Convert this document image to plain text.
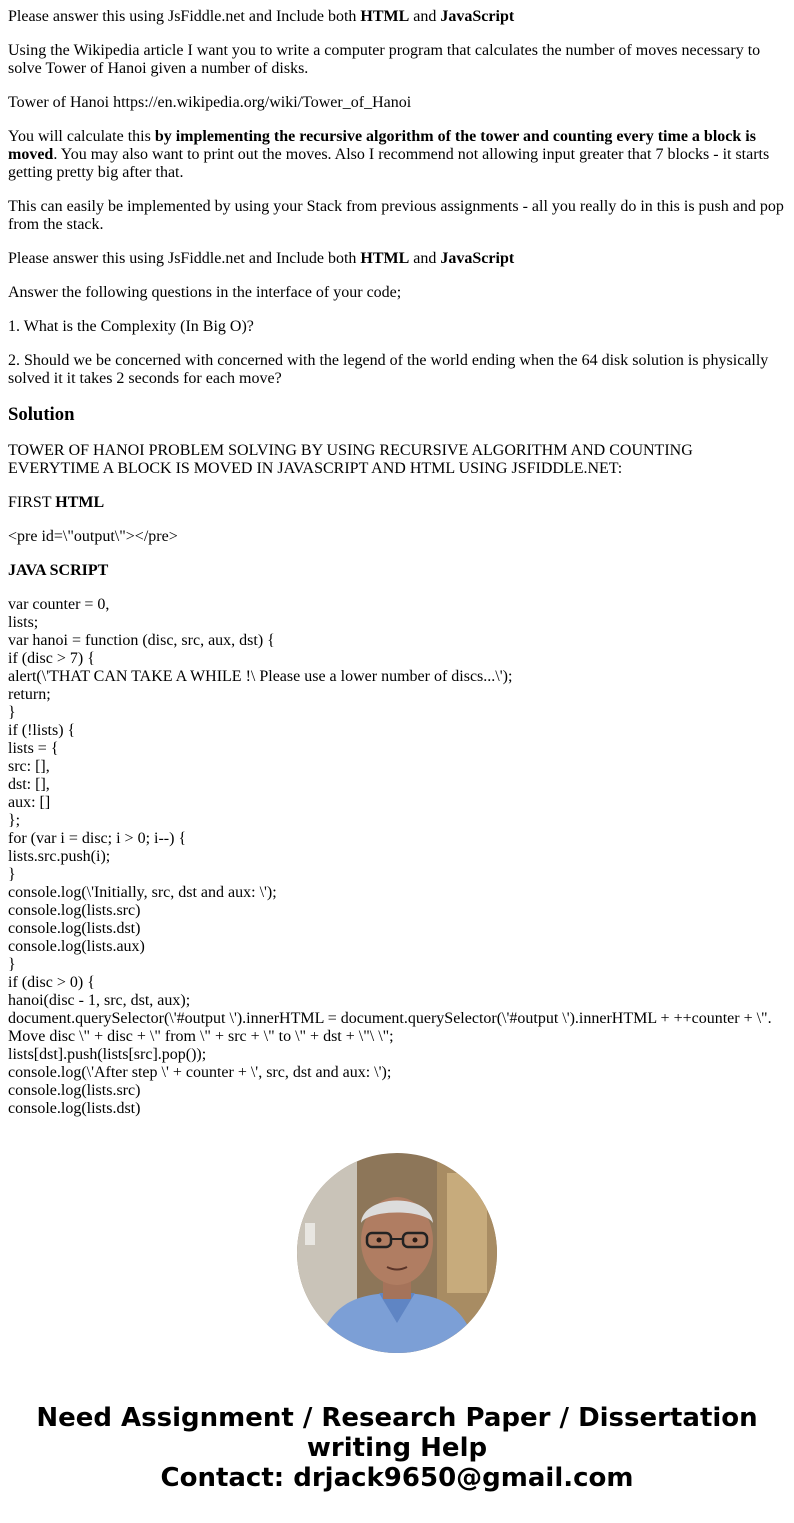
Please answer this using JsFiddle.net and Include both HTML and JavaScript

Using the Wikipedia article I want you to write a computer program that calculates the number of moves necessary to solve Tower of Hanoi given a number of disks.

Tower of Hanoi https://en.wikipedia.org/wiki/Tower_of_Hanoi

You will calculate this by implementing the recursive algorithm of the tower and counting every time a block is moved. You may also want to print out the moves. Also I recommend not allowing input greater that 7 blocks - it starts getting pretty big after that.

This can easily be implemented by using your Stack from previous assignments - all you really do in this is push and pop from the stack.

Please answer this using JsFiddle.net and Include both HTML and JavaScript

Answer the following questions in the interface of your code;

1. What is the Complexity (In Big O)?

2. Should we be concerned with concerned with the legend of the world ending when the 64 disk solution is physically solved it it takes 2 seconds for each move?

Solution

TOWER OF HANOI PROBLEM SOLVING BY USING RECURSIVE ALGORITHM AND COUNTING EVERYTIME A BLOCK IS MOVED IN JAVASCRIPT AND HTML USING JSFIDDLE.NET:

FIRST HTML

<pre id=\"output\"></pre>

JAVA SCRIPT

var counter = 0,
lists;
var hanoi = function (disc, src, aux, dst) {
if (disc > 7) {
alert(\'THAT CAN TAKE A WHILE !\ Please use a lower number of discs...\');
return;
}
if (!lists) {
lists = {
src: [],
dst: [],
aux: []
};
for (var i = disc; i > 0; i--) {
lists.src.push(i);
}
console.log(\'Initially, src, dst and aux: \');
console.log(lists.src)
console.log(lists.dst)
console.log(lists.aux)
}
if (disc > 0) {
hanoi(disc - 1, src, dst, aux);
document.querySelector(\'#output \').innerHTML = document.querySelector(\'#output \').innerHTML + ++counter + \".
Move disc \" + disc + \" from \" + src + \" to \" + dst + \"\ \";
lists[dst].push(lists[src].pop());
console.log(\'After step \' + counter + \', src, dst and aux: \');
console.log(lists.src)
console.log(lists.dst)
Need Assignment / Research Paper / Dissertation
writing Help
Contact: drjack9650@gmail.com
